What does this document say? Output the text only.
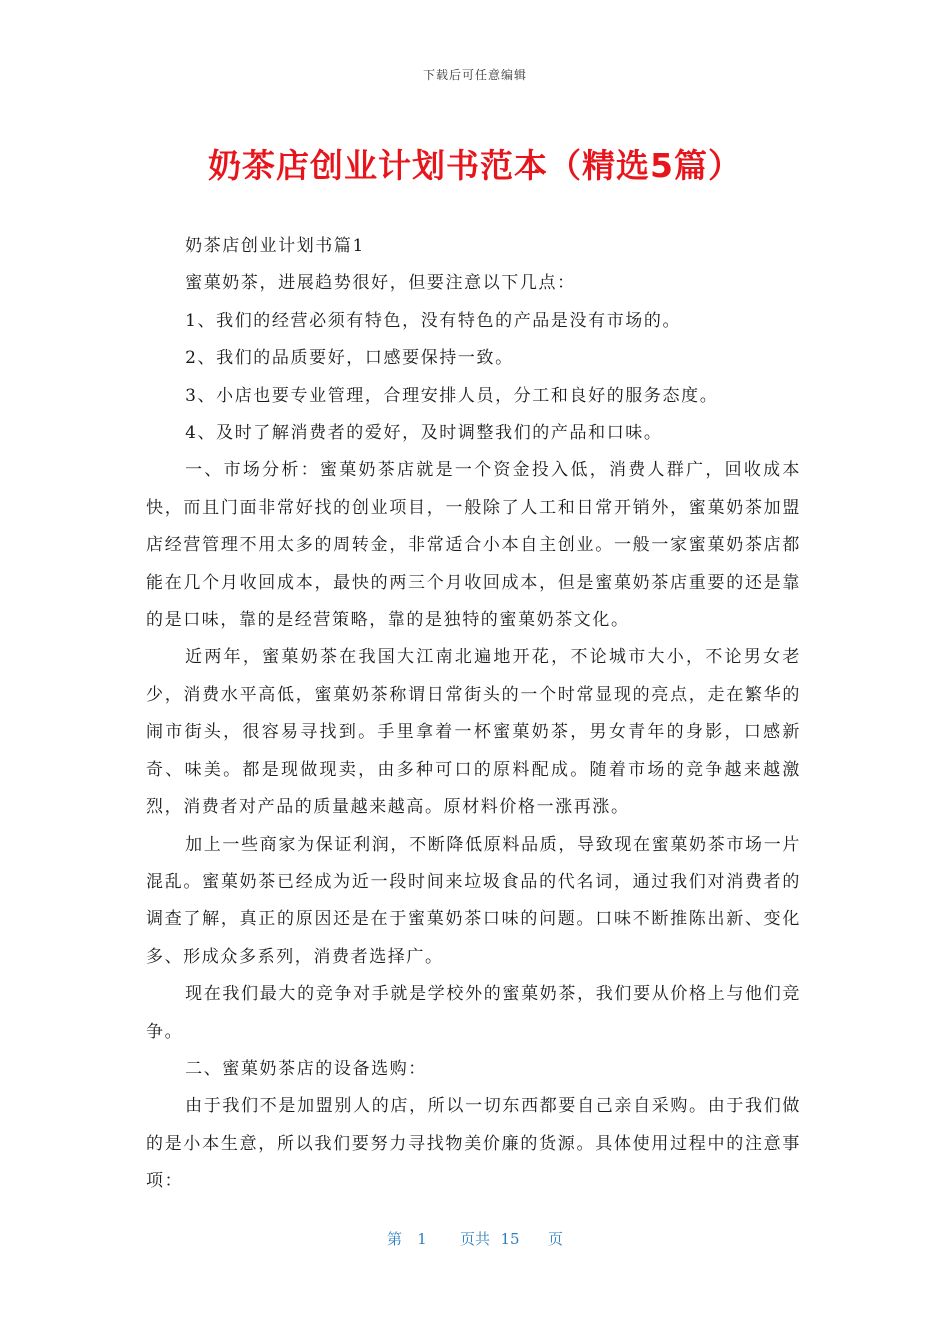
下载后可任意编辑
奶茶店创业计划书范本（精选5篇）

奶茶店创业计划书篇1

蜜菓奶茶，进展趋势很好，但要注意以下几点：

1、我们的经营必须有特色，没有特色的产品是没有市场的。

2、我们的品质要好，口感要保持一致。

3、小店也要专业管理，合理安排人员，分工和良好的服务态度。

4、及时了解消费者的爱好，及时调整我们的产品和口味。

一、市场分析：蜜菓奶茶店就是一个资金投入低，消费人群广，回收成本快，而且门面非常好找的创业项目，一般除了人工和日常开销外，蜜菓奶茶加盟店经营管理不用太多的周转金，非常适合小本自主创业。一般一家蜜菓奶茶店都能在几个月收回成本，最快的两三个月收回成本，但是蜜菓奶茶店重要的还是靠的是口味，靠的是经营策略，靠的是独特的蜜菓奶茶文化。

近两年，蜜菓奶茶在我国大江南北遍地开花，不论城市大小，不论男女老少，消费水平高低，蜜菓奶茶称谓日常街头的一个时常显现的亮点，走在繁华的闹市街头，很容易寻找到。手里拿着一杯蜜菓奶茶，男女青年的身影，口感新奇、味美。都是现做现卖，由多种可口的原料配成。随着市场的竞争越来越激烈，消费者对产品的质量越来越高。原材料价格一涨再涨。

加上一些商家为保证利润，不断降低原料品质，导致现在蜜菓奶茶市场一片混乱。蜜菓奶茶已经成为近一段时间来垃圾食品的代名词，通过我们对消费者的调查了解，真正的原因还是在于蜜菓奶茶口味的问题。口味不断推陈出新、变化多、形成众多系列，消费者选择广。

现在我们最大的竞争对手就是学校外的蜜菓奶茶，我们要从价格上与他们竞争。

二、蜜菓奶茶店的设备选购：

由于我们不是加盟别人的店，所以一切东西都要自己亲自采购。由于我们做的是小本生意，所以我们要努力寻找物美价廉的货源。具体使用过程中的注意事项：

第 1 页共 15 页
